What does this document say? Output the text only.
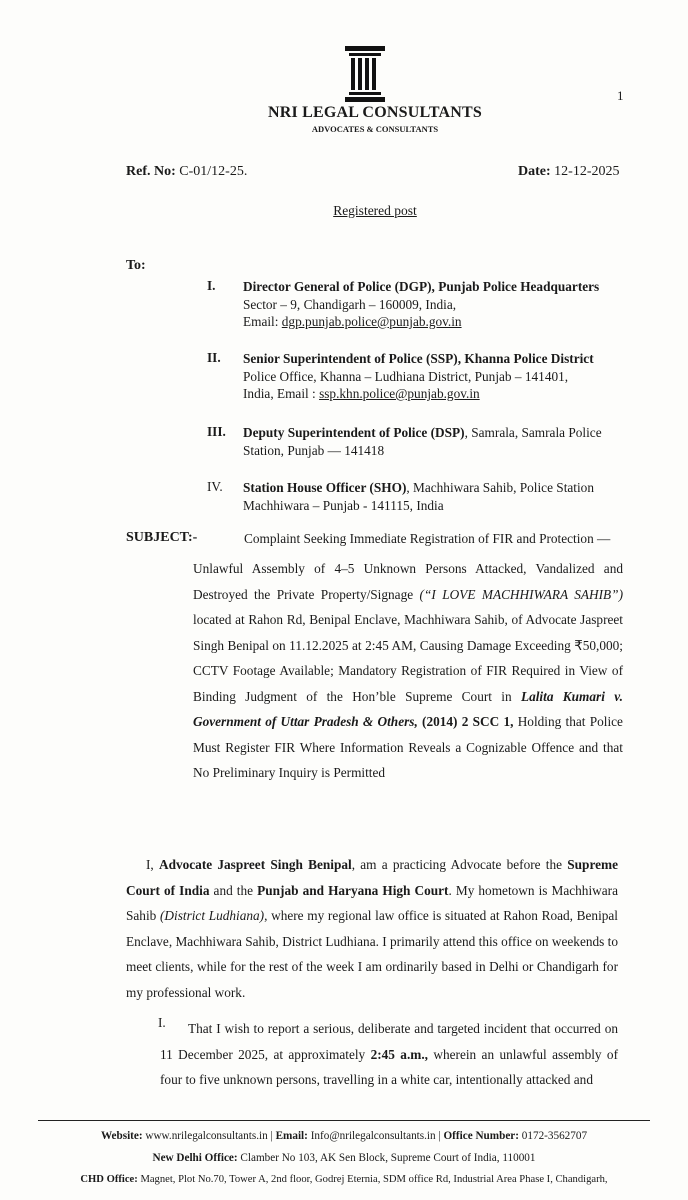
NRI LEGAL CONSULTANTS
ADVOCATES & CONSULTANTS
1
Ref. No: C-01/12-25.	Date: 12-12-2025
Registered post
To:
I. Director General of Police (DGP), Punjab Police Headquarters
Sector – 9, Chandigarh – 160009, India,
Email: dgp.punjab.police@punjab.gov.in
II. Senior Superintendent of Police (SSP), Khanna Police District
Police Office, Khanna – Ludhiana District, Punjab – 141401,
India, Email : ssp.khn.police@punjab.gov.in
III. Deputy Superintendent of Police (DSP), Samrala, Samrala Police Station, Punjab — 141418
IV. Station House Officer (SHO), Machhiwara Sahib, Police Station Machhiwara – Punjab - 141115, India
SUBJECT:-	Complaint Seeking Immediate Registration of FIR and Protection —
Unlawful Assembly of 4–5 Unknown Persons Attacked, Vandalized and Destroyed the Private Property/Signage (“I LOVE MACHHIWARA SAHIB”) located at Rahon Rd, Benipal Enclave, Machhiwara Sahib, of Advocate Jaspreet Singh Benipal on 11.12.2025 at 2:45 AM, Causing Damage Exceeding ₹50,000; CCTV Footage Available; Mandatory Registration of FIR Required in View of Binding Judgment of the Hon’ble Supreme Court in Lalita Kumari v. Government of Uttar Pradesh & Others, (2014) 2 SCC 1, Holding that Police Must Register FIR Where Information Reveals a Cognizable Offence and that No Preliminary Inquiry is Permitted
I, Advocate Jaspreet Singh Benipal, am a practicing Advocate before the Supreme Court of India and the Punjab and Haryana High Court. My hometown is Machhiwara Sahib (District Ludhiana), where my regional law office is situated at Rahon Road, Benipal Enclave, Machhiwara Sahib, District Ludhiana. I primarily attend this office on weekends to meet clients, while for the rest of the week I am ordinarily based in Delhi or Chandigarh for my professional work.
I.	That I wish to report a serious, deliberate and targeted incident that occurred on 11 December 2025, at approximately 2:45 a.m., wherein an unlawful assembly of four to five unknown persons, travelling in a white car, intentionally attacked and
Website: www.nrilegalconsultants.in | Email: Info@nrilegalconsultants.in | Office Number: 0172-3562707
New Delhi Office: Clamber No 103, AK Sen Block, Supreme Court of India, 110001
CHD Office: Magnet, Plot No.70, Tower A, 2nd floor, Godrej Eternia, SDM office Rd, Industrial Area Phase I, Chandigarh,
